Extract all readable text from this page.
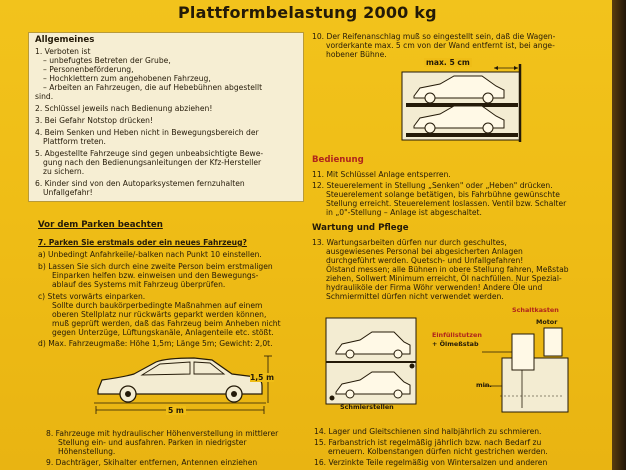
Plattformbelastung 2000 kg
Allgemeines
1. Verboten ist
– unbefugtes Betreten der Grube,
– Personenbeförderung,
– Hochklettern zum angehobenen Fahrzeug,
– Arbeiten an Fahrzeugen, die auf Hebebühnen abgestellt
sind.
2. Schlüssel jeweils nach Bedienung abziehen!
3. Bei Gefahr Notstop drücken!
4. Beim Senken und Heben nicht in Bewegungsbereich der
Plattform treten.
5. Abgestellte Fahrzeuge sind gegen unbeabsichtigte Bewe-
gung nach den Bedienungsanleitungen der Kfz-Hersteller
zu sichern.
6. Kinder sind von den Autoparksystemen fernzuhalten
Unfallgefahr!
Vor dem Parken beachten
7. Parken Sie erstmals oder ein neues Fahrzeug?
a) Unbedingt Anfahrkeile/-balken nach Punkt 10 einstellen.
b) Lassen Sie sich durch eine zweite Person beim erstmaligen
Einparken helfen bzw. einweisen und den Bewegungs-
ablauf des Systems mit Fahrzeug überprüfen.
c) Stets vorwärts einparken.
Sollte durch baukörperbedingte Maßnahmen auf einem
oberen Stellplatz nur rückwärts geparkt werden können,
muß geprüft werden, daß das Fahrzeug beim Anheben nicht
gegen Unterzüge, Lüftungskanäle, Anlagenteile etc. stößt.
d) Max. Fahrzeugmaße: Höhe 1,5m; Länge 5m; Gewicht: 2,0t.
1,5 m
5 m
8. Fahrzeuge mit hydraulischer Höhenverstellung in mittlerer
Stellung ein- und ausfahren. Parken in niedrigster
Höhenstellung.
9. Dachträger, Skihalter entfernen, Antennen einziehen
10. Der Reifenanschlag muß so eingestellt sein, daß die Wagen-
vorderkante max. 5 cm von der Wand entfernt ist, bei ange-
hobener Bühne.
max. 5 cm
Bedienung
11. Mit Schlüssel Anlage entsperren.
12. Steuerelement in Stellung „Senken" oder „Heben" drücken.
Steuerelement solange betätigen, bis Fahrbühne gewünschte
Stellung erreicht. Steuerelement loslassen. Ventil bzw. Schalter
in „0"-Stellung – Anlage ist abgeschaltet.
Wartung und Pflege
13. Wartungsarbeiten dürfen nur durch geschultes,
ausgewiesenes Personal bei abgesicherten Anlagen
durchgeführt werden. Quetsch- und Unfallgefahren!
Ölstand messen; alle Bühnen in obere Stellung fahren, Meßstab
ziehen, Sollwert Minimum erreicht, Öl nachfüllen. Nur Spezial-
hydrauliköle der Firma Wöhr verwenden! Andere Öle und
Schmiermittel dürfen nicht verwendet werden.
Schaltkasten
Motor
Einfüllstutzen
+ Ölmeßstab
min.
Schmierstellen
14. Lager und Gleitschienen sind halbjährlich zu schmieren.
15. Farbanstrich ist regelmäßig jährlich bzw. nach Bedarf zu
erneuern. Kolbenstangen dürfen nicht gestrichen werden.
16. Verzinkte Teile regelmäßig von Wintersalzen und anderen
